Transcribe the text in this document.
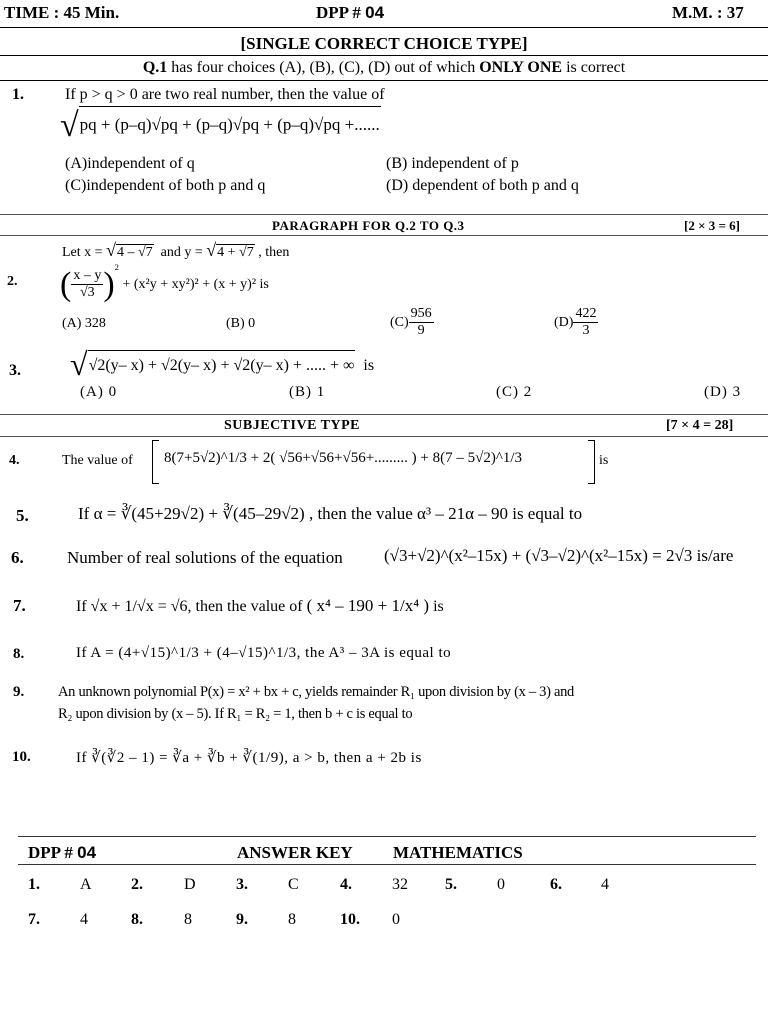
TIME : 45 Min.	DPP # 04	M.M. : 37
[SINGLE CORRECT CHOICE TYPE]
Q.1 has four choices (A), (B), (C), (D) out of which ONLY ONE is correct
1.	If p > q > 0 are two real number, then the value of
√pq + (p–q)√pq + (p–q)√pq + (p–q)√pq +......
(A)independent of q	(B) independent of p
(C)independent of both p and q	(D) dependent of both p and q
PARAGRAPH FOR Q.2 TO Q.3	[2 × 3 = 6]
Let x = √4 – √7 and y = √4 + √7 , then
2. ( $\frac{x - y}{√3} )^2 + (x^2y + xy^2)^2 + (x + y)^2$ is
(A) 328	(B) 0	$(C) \frac{956}{9}$	$(D) \frac{422}{3}$
3. √√2(y– x) + √2(y– x) + √2(y– x) + ..... + ∞ is
(A) 0	(B) 1	(C) 2	(D) 3
SUBJECTIVE TYPE	[7 × 4 = 28]
4.	The value of 8(7+5√2)^1/3 + 2( √56+√56+√56+......... ) + 8(7 – 5√2)^1/3	is
5.	If α = ∛(45+29√2) + ∛(45–29√2) , then the value α³ – 21α – 90 is equal to
6.	Number of real solutions of the equation (√3+√2)^(x²–15x) + (√3–√2)^(x²–15x) = 2√3 is/are
7.	If √x + 1/√x = √6, then the value of ( x⁴ – 190 + 1/x⁴ ) is
8.	If A = (4+√15)^1/3 + (4–√15)^1/3, the A³ – 3A is equal to
9. An unknown polynomial P(x) = x² + bx + c, yields remainder R₁ upon division by (x – 3) and
R₂ upon division by (x – 5). If R₁ = R₂ = 1, then b + c is equal to
10.	If ∛(∛2 – 1) = ∛a + ∛b + ∛(1/9), a > b, then a + 2b is
DPP # 04	ANSWER KEY MATHEMATICS
1.	A 2.	D	3.	C	4.	32 5.	0	6. 4
7.	4	8.	8	9.	8	10. 0
